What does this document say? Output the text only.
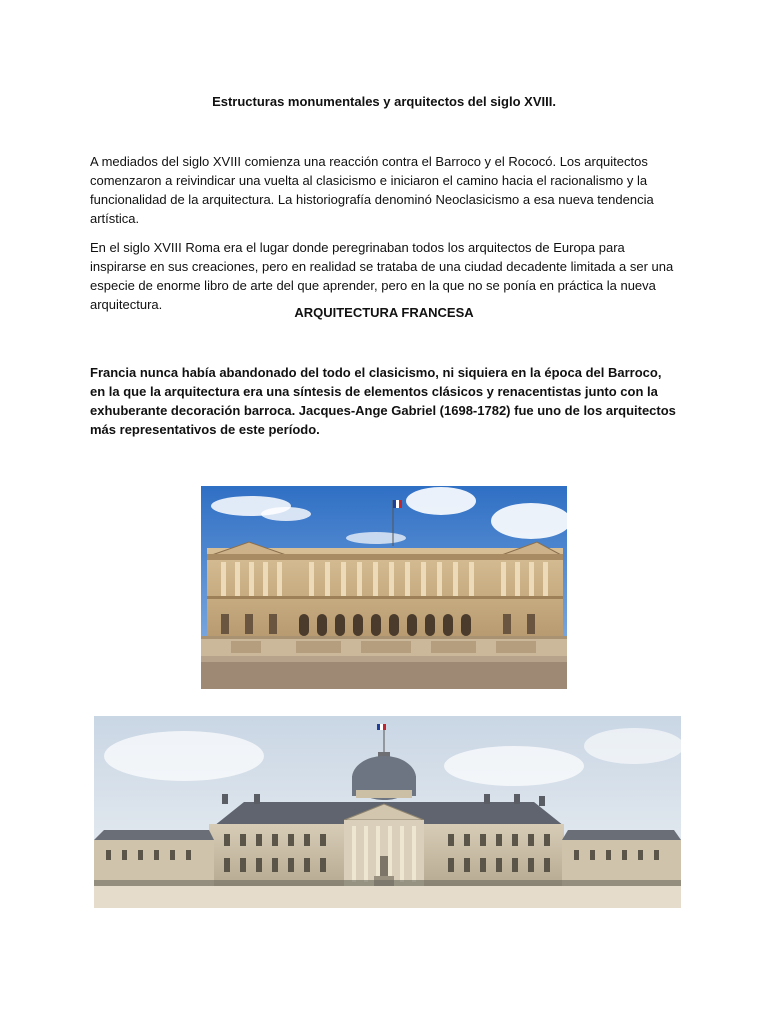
Estructuras monumentales y arquitectos del siglo XVIII.

A mediados del siglo XVIII comienza una reacción contra el Barroco y el Rococó. Los arquitectos comenzaron a reivindicar una vuelta al clasicismo e iniciaron el camino hacia el racionalismo y la funcionalidad de la arquitectura. La historiografía denominó Neoclasicismo a esa nueva tendencia artística.

En el siglo XVIII Roma era el lugar donde peregrinaban todos los arquitectos de Europa para inspirarse en sus creaciones, pero en realidad se trataba de una ciudad decadente limitada a ser una especie de enorme libro de arte del que aprender, pero en la que no se ponía en práctica la nueva arquitectura.

ARQUITECTURA FRANCESA

Francia nunca había abandonado del todo el clasicismo, ni siquiera en la época del Barroco, en la que la arquitectura era una síntesis de elementos clásicos y renacentistas junto con la exhuberante decoración barroca. Jacques-Ange Gabriel (1698-1782) fue uno de los arquitectos más representativos de este período.
